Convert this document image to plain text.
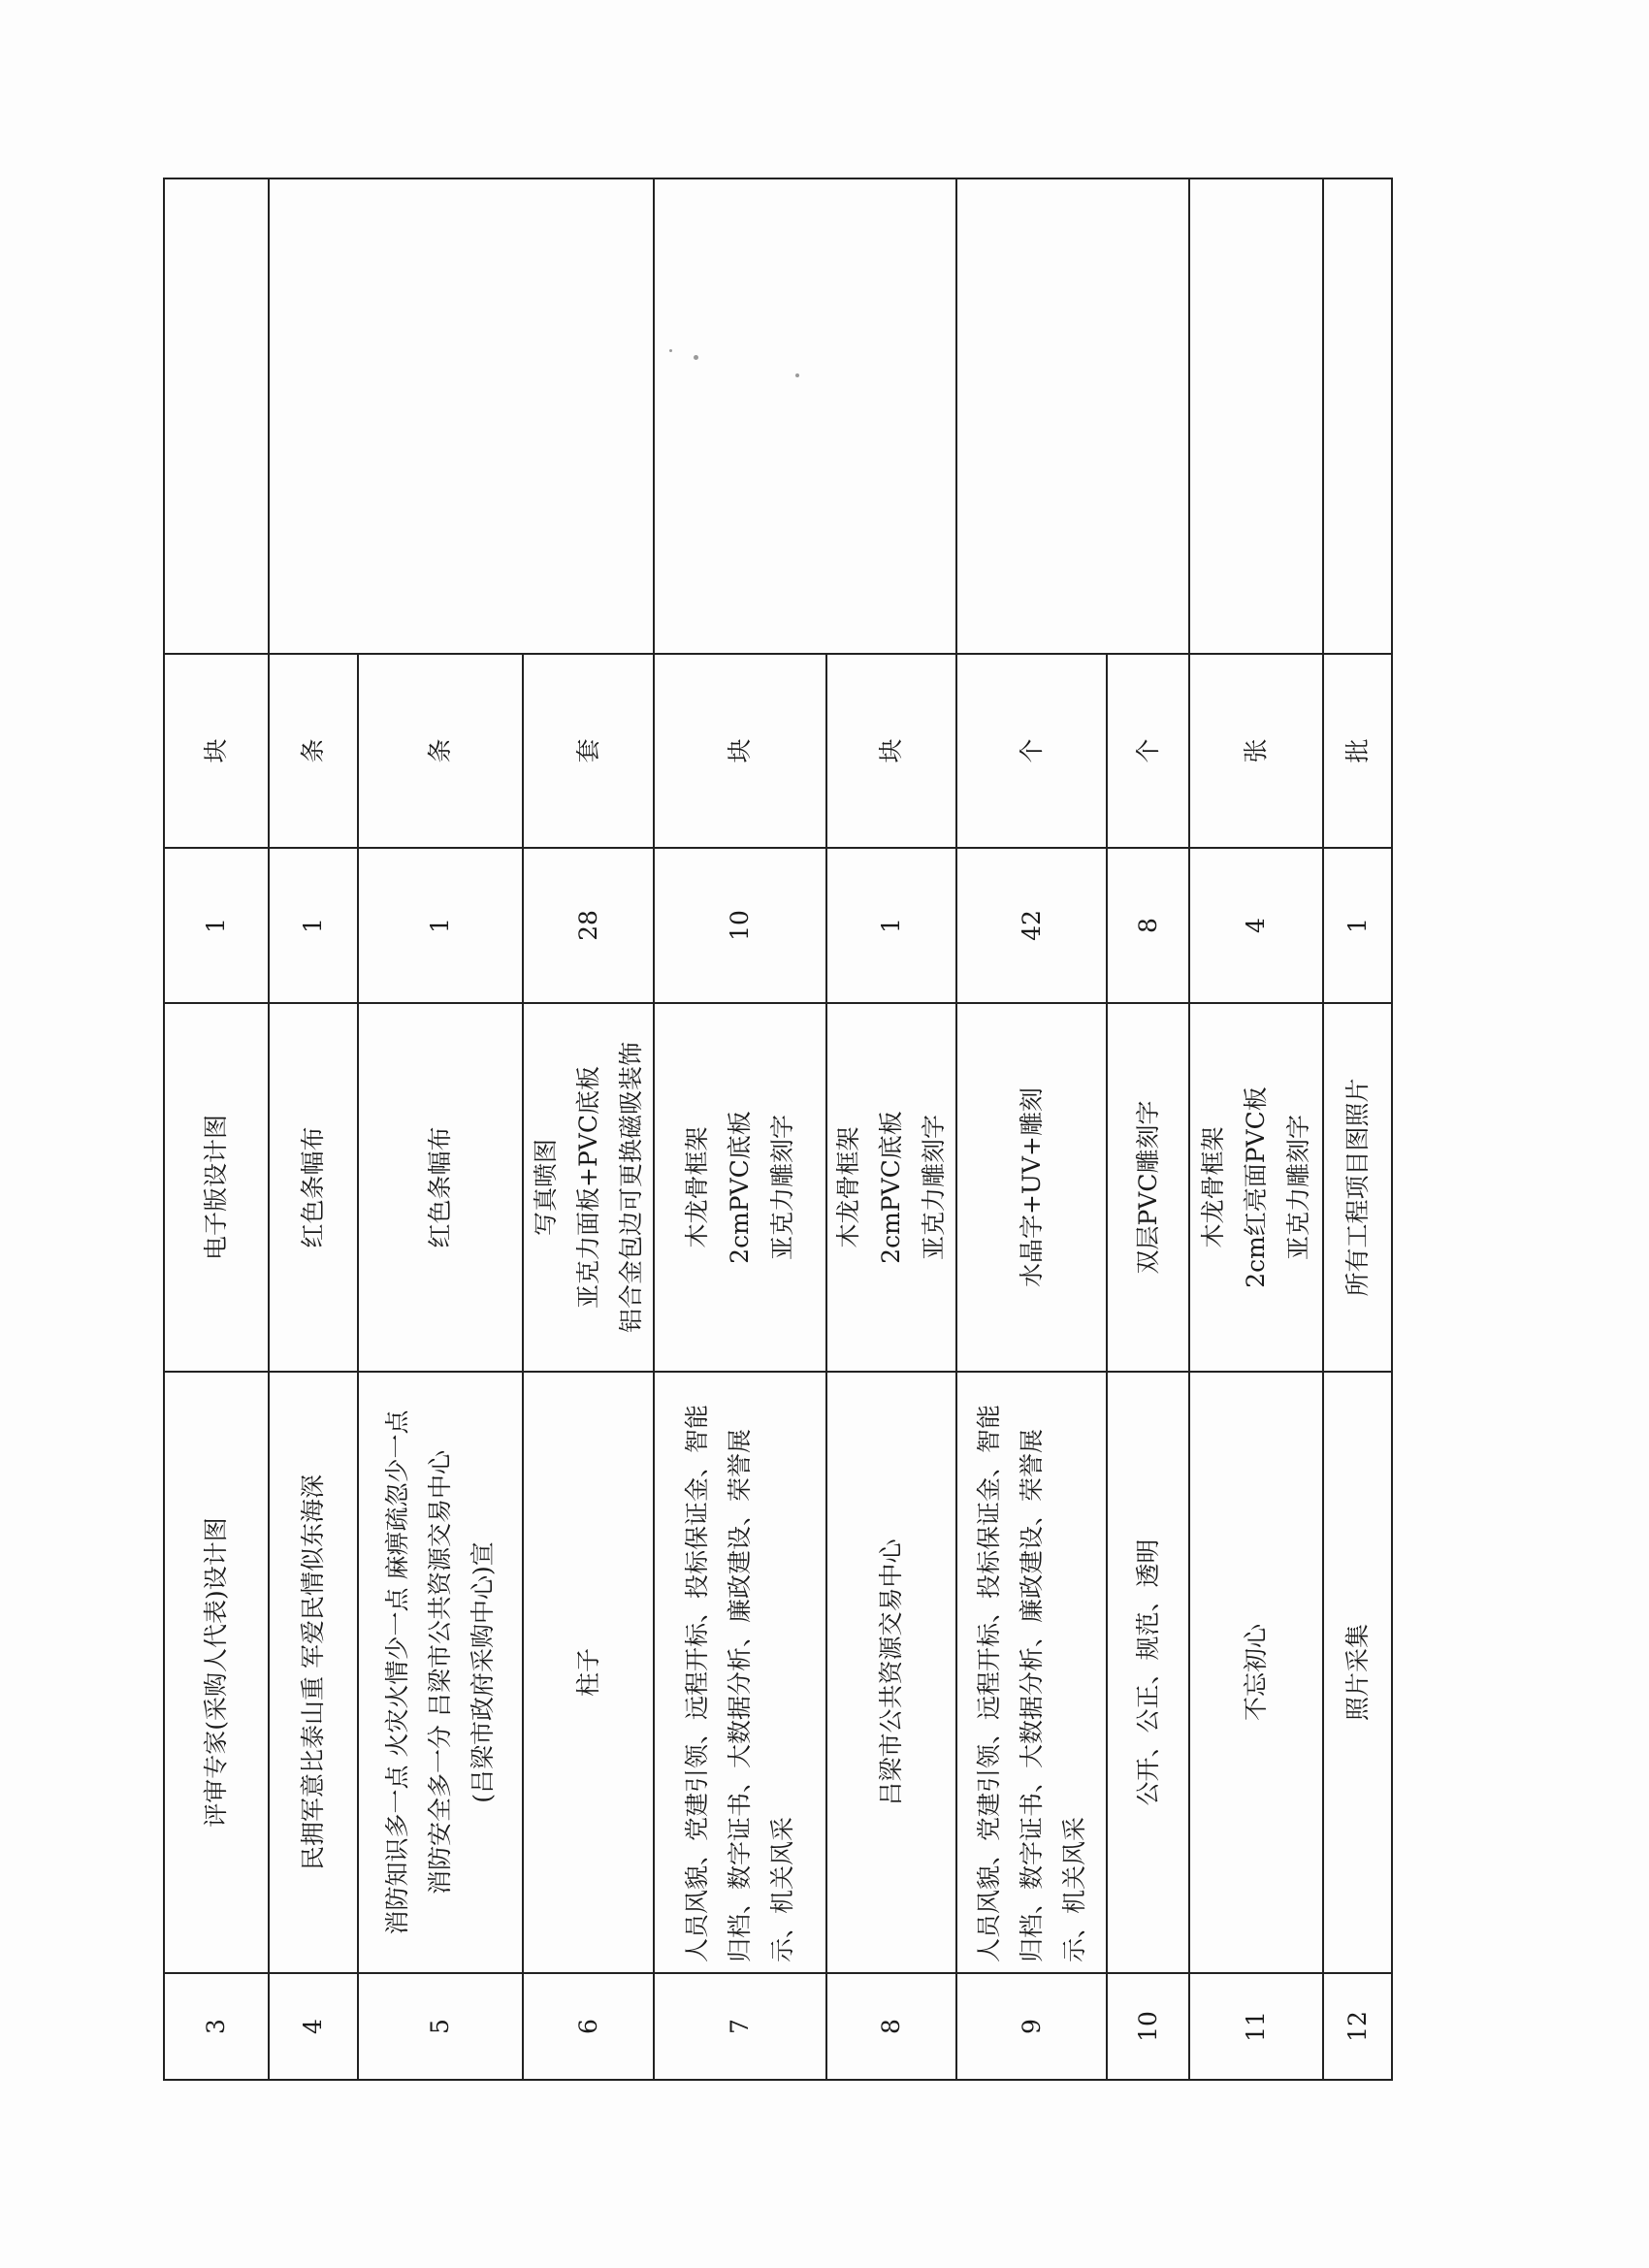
3	评审专家(采购人代表)设计图	电子版设计图	1	块	
4	民拥军意比泰山重 军爱民情似东海深	红色条幅布	1	条	
5	消防知识多一点 火灾火情少一点 麻痹疏忽少一点 消防安全多一分 吕梁市公共资源交易中心 (吕梁市政府采购中心)宣	红色条幅布	1	条	
6	柱子	写真喷图 亚克力面板+PVC底板 铝合金包边可更换磁吸装饰	28	套	
7	人员风貌、党建引领、远程开标、投标保证金、智能归档、数字证书、大数据分析、廉政建设、荣誉展示、机关风采	木龙骨框架 2cmPVC底板 亚克力雕刻字	10	块	
8	吕梁市公共资源交易中心	木龙骨框架 2cmPVC底板 亚克力雕刻字	1	块	
9	人员风貌、党建引领、远程开标、投标保证金、智能归档、数字证书、大数据分析、廉政建设、荣誉展示、机关风采	水晶字+UV+雕刻	42	个	
10	公开、公正、规范、透明	双层PVC雕刻字	8	个	
11	不忘初心	木龙骨框架 2cm红亮面PVC板 亚克力雕刻字	4	张	
12	照片采集	所有工程项目图照片	1	批	
